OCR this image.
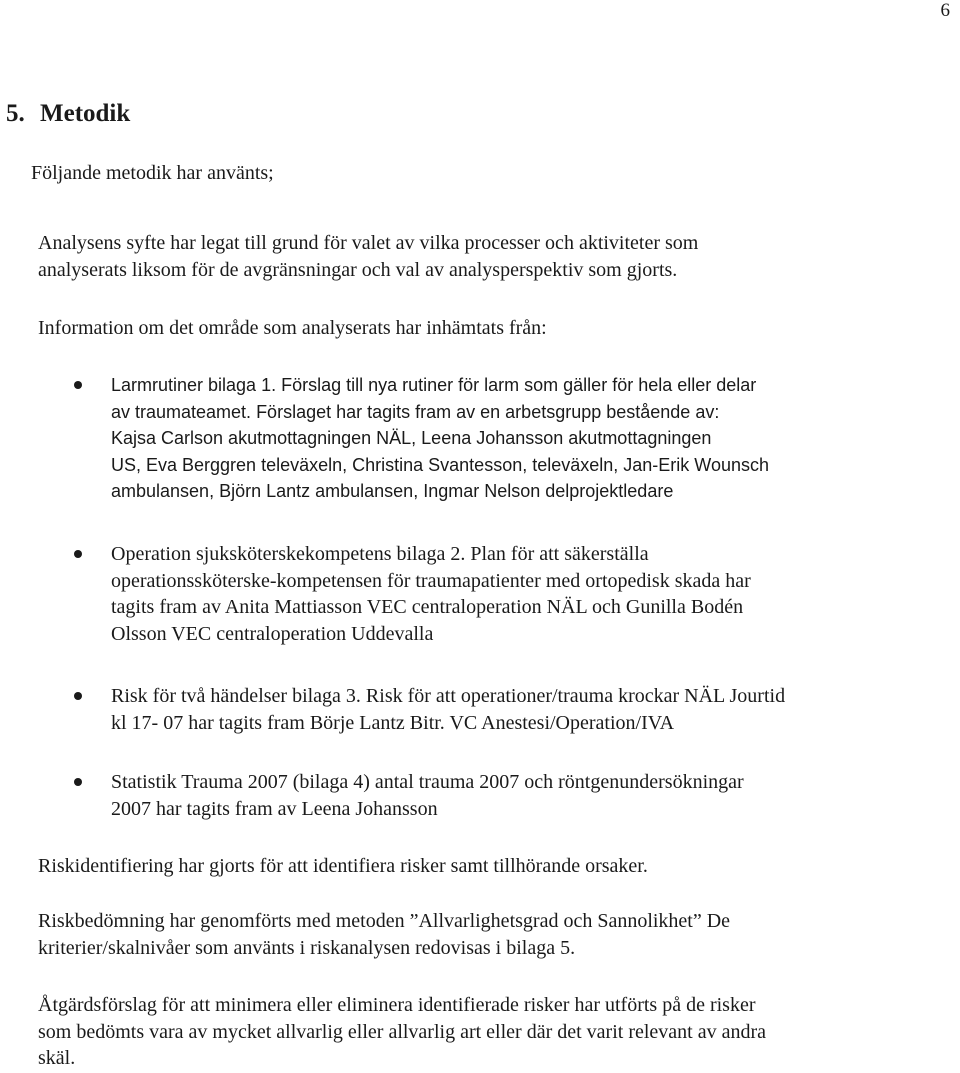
6
5. Metodik
Följande metodik har använts;
Analysens syfte har legat till grund för valet av vilka processer och aktiviteter som
analyserats liksom för de avgränsningar och val av analysperspektiv som gjorts.
Information om det område som analyserats har inhämtats från:
Larmrutiner bilaga 1. Förslag till nya rutiner för larm som gäller för hela eller delar
av traumateamet. Förslaget har tagits fram av en arbetsgrupp bestående av:
Kajsa Carlson akutmottagningen NÄL, Leena Johansson akutmottagningen
US, Eva Berggren televäxeln, Christina Svantesson, televäxeln, Jan-Erik Wounsch
ambulansen, Björn Lantz ambulansen, Ingmar Nelson delprojektledare
Operation sjuksköterskekompetens bilaga 2. Plan för att säkerställa
operationssköterske-kompetensen för traumapatienter med ortopedisk skada har
tagits fram av Anita Mattiasson VEC centraloperation NÄL och Gunilla Bodén
Olsson VEC centraloperation Uddevalla
Risk för två händelser bilaga 3. Risk för att operationer/trauma krockar NÄL Jourtid
kl 17- 07 har tagits fram Börje Lantz Bitr. VC Anestesi/Operation/IVA
Statistik Trauma 2007 (bilaga 4) antal trauma 2007 och röntgenundersökningar
2007 har tagits fram av Leena Johansson
Riskidentifiering har gjorts för att identifiera risker samt tillhörande orsaker.
Riskbedömning har genomförts med metoden ”Allvarlighetsgrad och Sannolikhet” De
kriterier/skalnivåer som använts i riskanalysen redovisas i bilaga 5.
Åtgärdsförslag för att minimera eller eliminera identifierade risker har utförts på de risker
som bedömts vara av mycket allvarlig eller allvarlig art eller där det varit relevant av andra
skäl.
